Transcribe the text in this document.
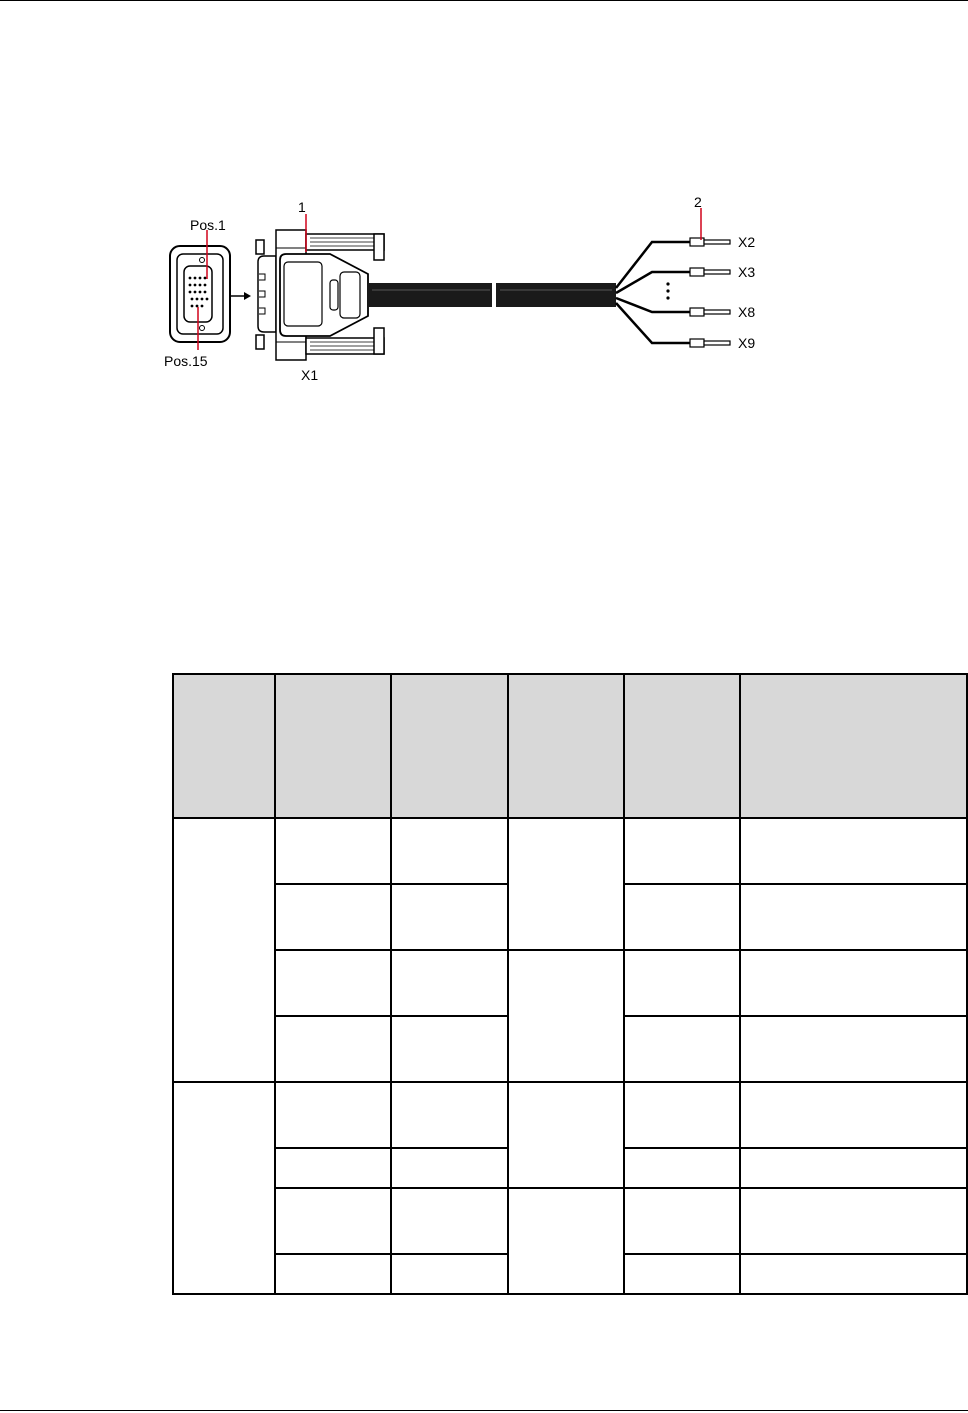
Pos.1
Pos.15
1
X1
2
X2
X3
X8
X9
